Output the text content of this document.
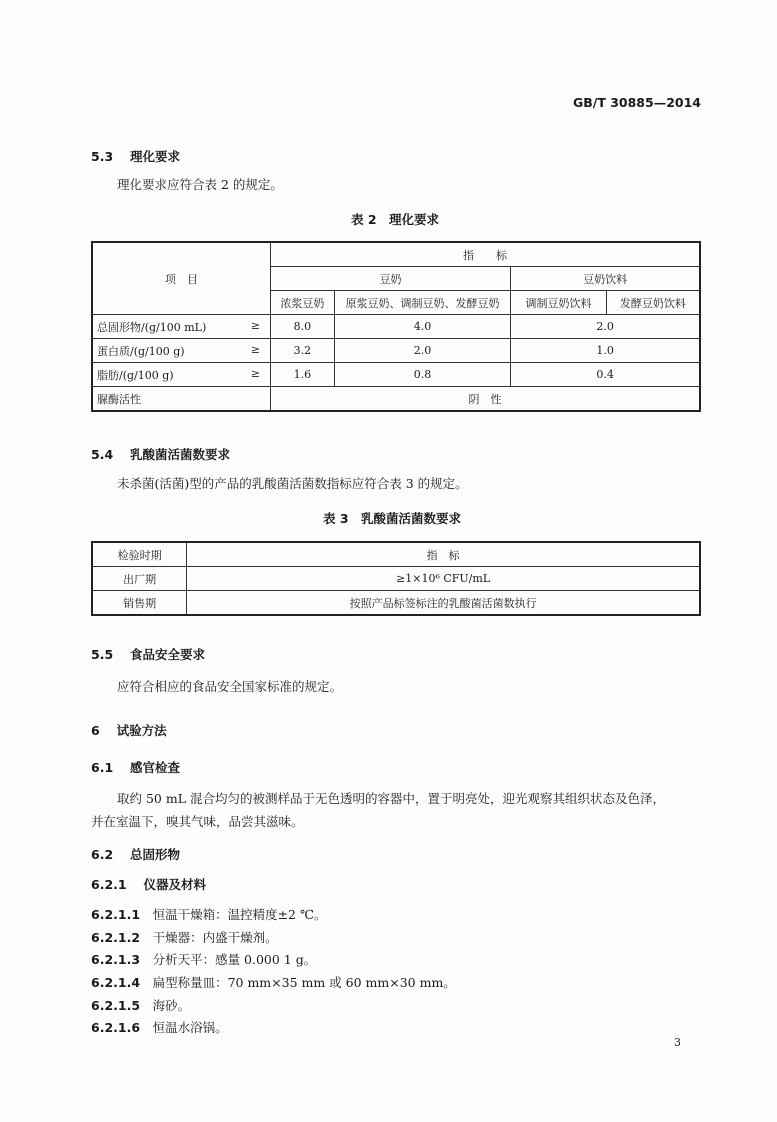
GB/T 30885—2014
5.3　 理化要求
理化要求应符合表 2 的规定。
表 2　理化要求
项　目	指　　标			
	豆奶		豆奶饮料	
	浓浆豆奶	原浆豆奶、调制豆奶、发酵豆奶	调制豆奶饮料	发酵豆奶饮料
总固形物/(g/100 mL) ≥	8.0	4.0	2.0	
蛋白质/(g/100 g) ≥	3.2	2.0	1.0	
脂肪/(g/100 g) ≥	1.6	0.8	0.4	
脲酶活性	阴　性			
5.4　 乳酸菌活菌数要求
未杀菌(活菌)型的产品的乳酸菌活菌数指标应符合表 3 的规定。
表 3　乳酸菌活菌数要求
检验时期	指　标
出厂期	≥1×10⁶ CFU/mL
销售期	按照产品标签标注的乳酸菌活菌数执行
5.5　 食品安全要求
应符合相应的食品安全国家标准的规定。
6　 试验方法
6.1　 感官检查
取约 50 mL 混合均匀的被测样品于无色透明的容器中，置于明亮处，迎光观察其组织状态及色泽，
并在室温下，嗅其气味，品尝其滋味。
6.2　 总固形物
6.2.1　 仪器及材料
6.2.1.1　 恒温干燥箱：温控精度±2 ℃。
6.2.1.2　 干燥器：内盛干燥剂。
6.2.1.3　 分析天平：感量 0.000 1 g。
6.2.1.4　 扁型称量皿：70 mm×35 mm 或 60 mm×30 mm。
6.2.1.5　 海砂。
6.2.1.6　 恒温水浴锅。
3
